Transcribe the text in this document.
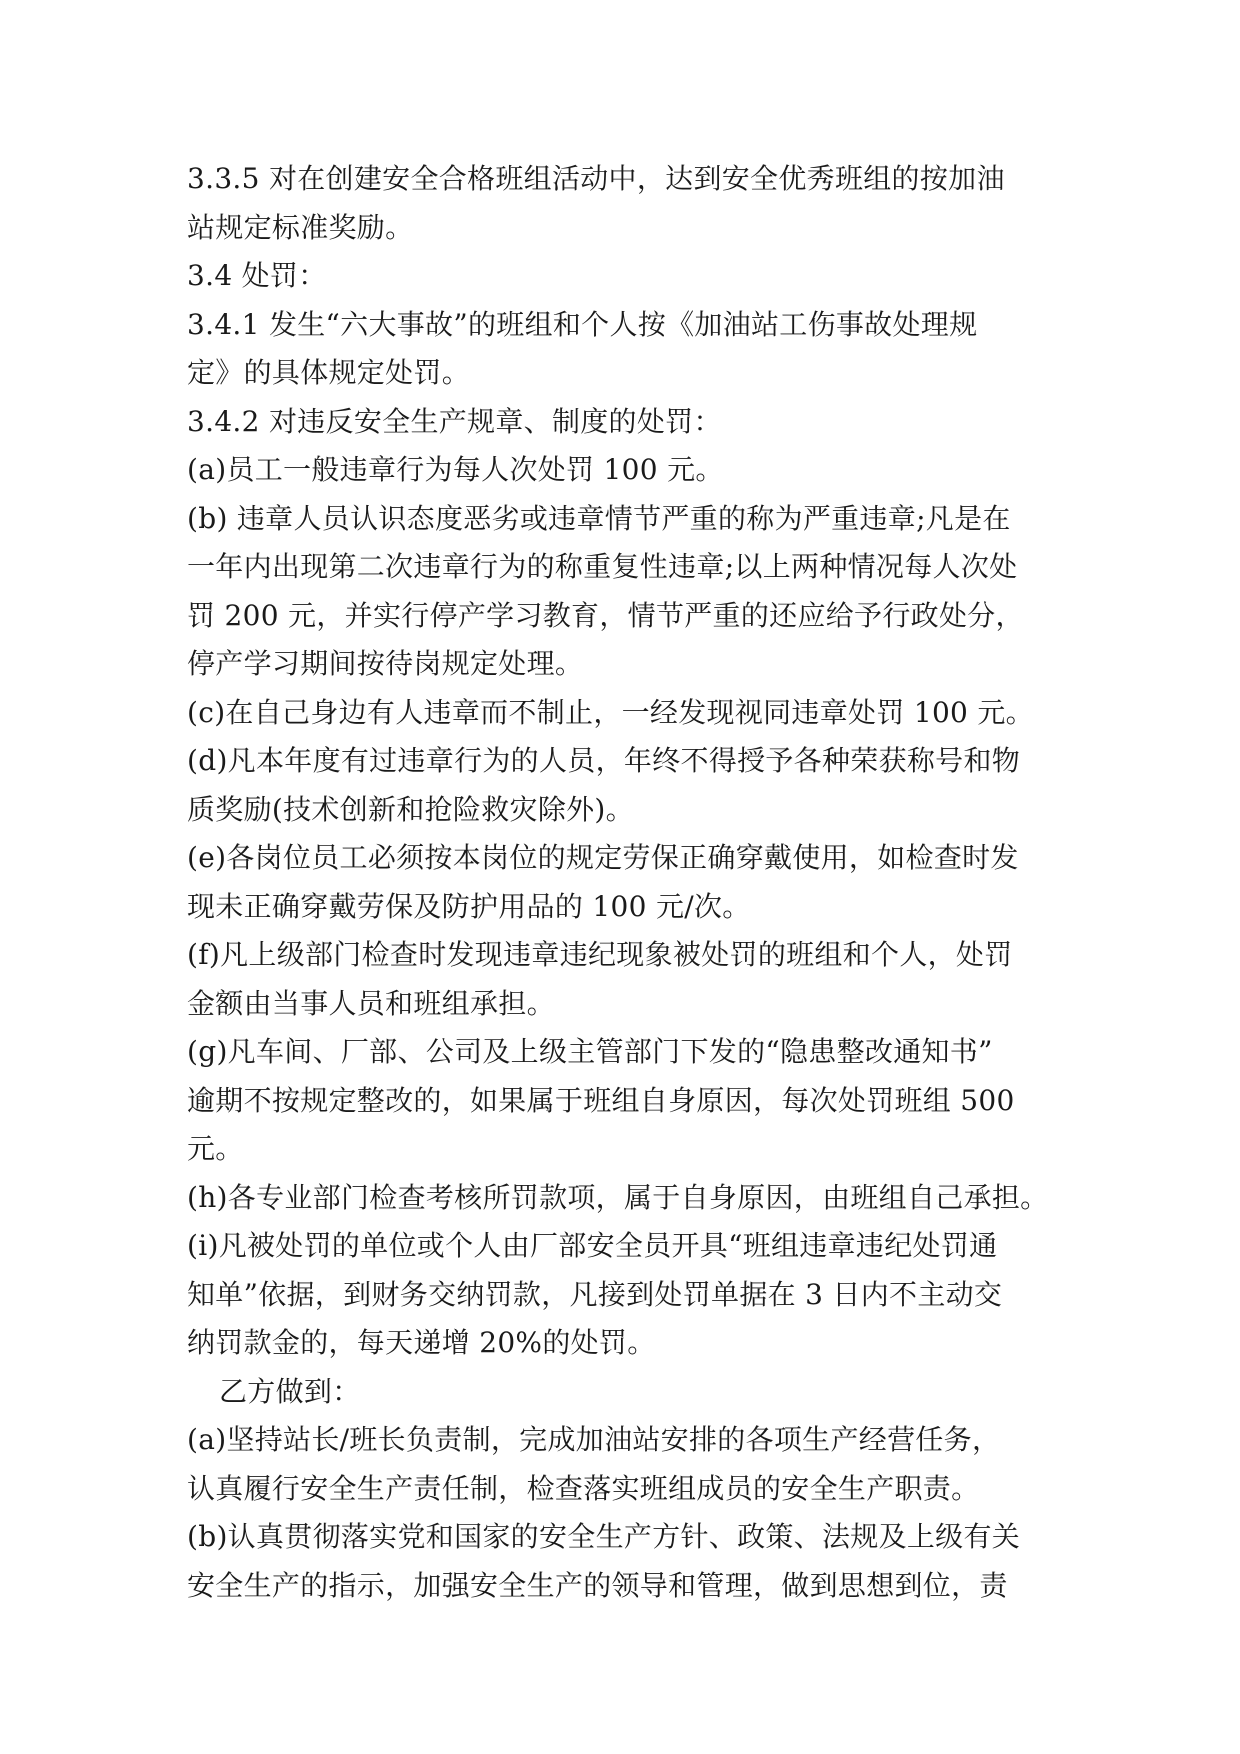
3.3.5 对在创建安全合格班组活动中，达到安全优秀班组的按加油
站规定标准奖励。
3.4 处罚：
3.4.1 发生“六大事故”的班组和个人按《加油站工伤事故处理规
定》的具体规定处罚。
3.4.2 对违反安全生产规章、制度的处罚：
(a)员工一般违章行为每人次处罚 100 元。
(b) 违章人员认识态度恶劣或违章情节严重的称为严重违章;凡是在
一年内出现第二次违章行为的称重复性违章;以上两种情况每人次处
罚 200 元，并实行停产学习教育，情节严重的还应给予行政处分，
停产学习期间按待岗规定处理。
(c)在自己身边有人违章而不制止，一经发现视同违章处罚 100 元。
(d)凡本年度有过违章行为的人员，年终不得授予各种荣获称号和物
质奖励(技术创新和抢险救灾除外)。
(e)各岗位员工必须按本岗位的规定劳保正确穿戴使用，如检查时发
现未正确穿戴劳保及防护用品的 100 元/次。
(f)凡上级部门检查时发现违章违纪现象被处罚的班组和个人，处罚
金额由当事人员和班组承担。
(g)凡车间、厂部、公司及上级主管部门下发的“隐患整改通知书”
逾期不按规定整改的，如果属于班组自身原因，每次处罚班组 500
元。
(h)各专业部门检查考核所罚款项，属于自身原因，由班组自己承担。
(i)凡被处罚的单位或个人由厂部安全员开具“班组违章违纪处罚通
知单”依据，到财务交纳罚款，凡接到处罚单据在 3 日内不主动交
纳罚款金的，每天递增 20%的处罚。
乙方做到：
(a)坚持站长/班长负责制，完成加油站安排的各项生产经营任务，
认真履行安全生产责任制，检查落实班组成员的安全生产职责。
(b)认真贯彻落实党和国家的安全生产方针、政策、法规及上级有关
安全生产的指示，加强安全生产的领导和管理，做到思想到位，责
